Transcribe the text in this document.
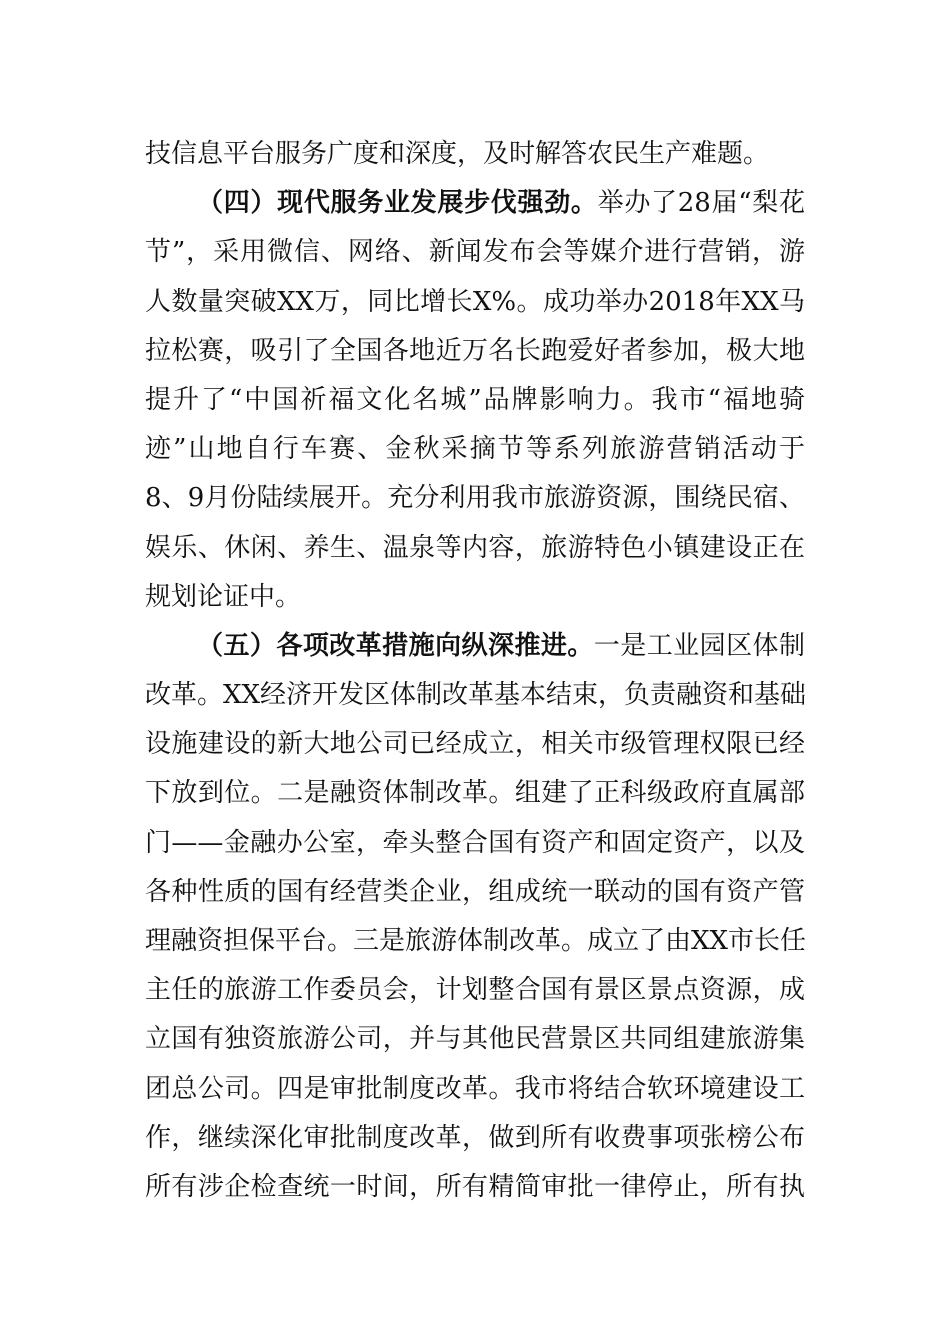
技信息平台服务广度和深度，及时解答农民生产难题。
（四）现代服务业发展步伐强劲。举办了28届“梨花
节”，采用微信、网络、新闻发布会等媒介进行营销，游
人数量突破XX万，同比增长X%。成功举办2018年XX马
拉松赛，吸引了全国各地近万名长跑爱好者参加，极大地
提升了“中国祈福文化名城”品牌影响力。我市“福地骑
迹”山地自行车赛、金秋采摘节等系列旅游营销活动于
8、9月份陆续展开。充分利用我市旅游资源，围绕民宿、
娱乐、休闲、养生、温泉等内容，旅游特色小镇建设正在
规划论证中。
（五）各项改革措施向纵深推进。一是工业园区体制
改革。XX经济开发区体制改革基本结束，负责融资和基础
设施建设的新大地公司已经成立，相关市级管理权限已经
下放到位。二是融资体制改革。组建了正科级政府直属部
门——金融办公室，牵头整合国有资产和固定资产，以及
各种性质的国有经营类企业，组成统一联动的国有资产管
理融资担保平台。三是旅游体制改革。成立了由XX市长任
主任的旅游工作委员会，计划整合国有景区景点资源，成
立国有独资旅游公司，并与其他民营景区共同组建旅游集
团总公司。四是审批制度改革。我市将结合软环境建设工
作，继续深化审批制度改革，做到所有收费事项张榜公布
所有涉企检查统一时间，所有精简审批一律停止，所有执
